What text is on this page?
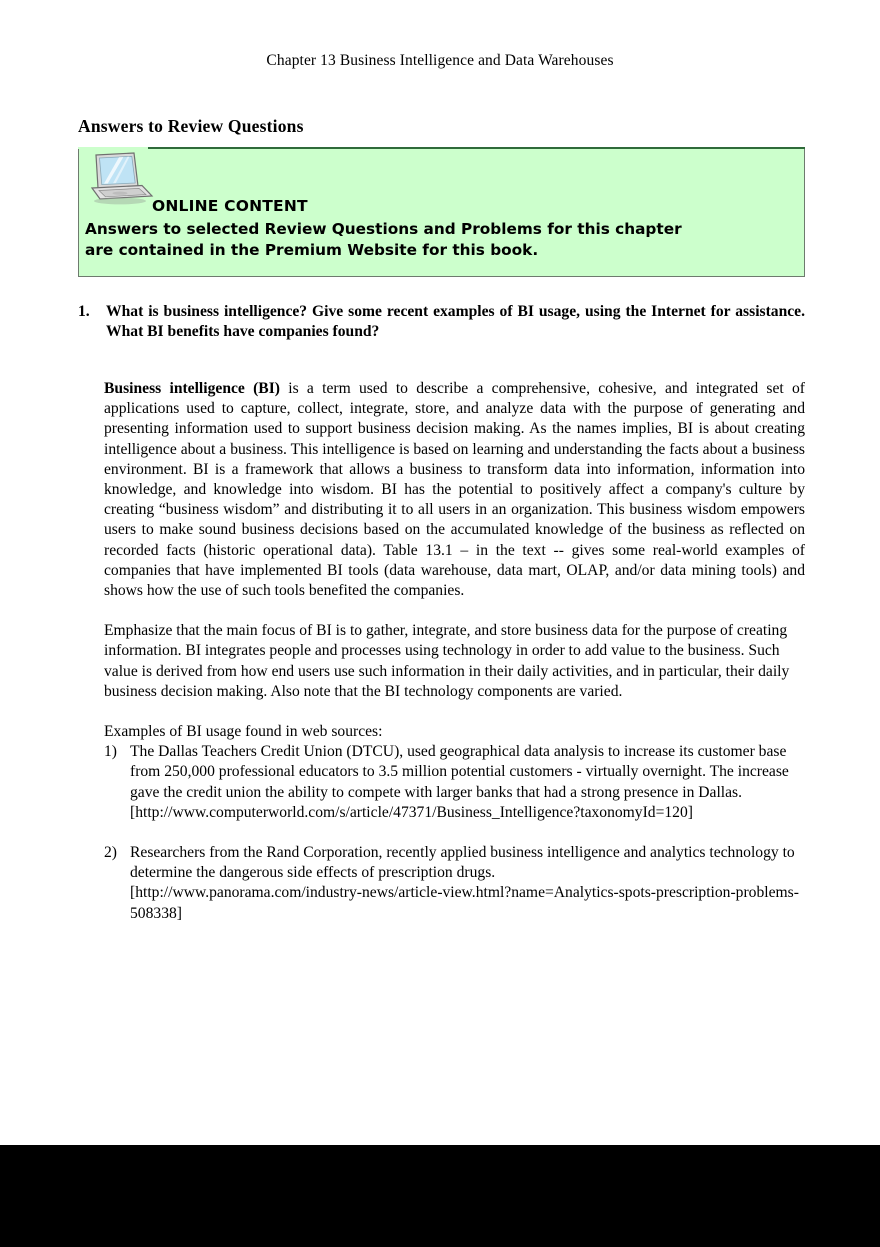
Chapter 13 Business Intelligence and Data Warehouses
Answers to Review Questions
ONLINE CONTENT
Answers to selected Review Questions and Problems for this chapter
are contained in the Premium Website for this book.
1.	What is business intelligence? Give some recent examples of BI usage, using the Internet for assistance. What BI benefits have companies found?

Business intelligence (BI) is a term used to describe a comprehensive, cohesive, and integrated set of applications used to capture, collect, integrate, store, and analyze data with the purpose of generating and presenting information used to support business decision making. As the names implies, BI is about creating intelligence about a business. This intelligence is based on learning and understanding the facts about a business environment. BI is a framework that allows a business to transform data into information, information into knowledge, and knowledge into wisdom. BI has the potential to positively affect a company's culture by creating “business wisdom” and distributing it to all users in an organization. This business wisdom empowers users to make sound business decisions based on the accumulated knowledge of the business as reflected on recorded facts (historic operational data). Table 13.1 – in the text -- gives some real-world examples of companies that have implemented BI tools (data warehouse, data mart, OLAP, and/or data mining tools) and shows how the use of such tools benefited the companies.

Emphasize that the main focus of BI is to gather, integrate, and store business data for the purpose of creating information. BI integrates people and processes using technology in order to add value to the business. Such value is derived from how end users use such information in their daily activities, and in particular, their daily business decision making. Also note that the BI technology components are varied.

Examples of BI usage found in web sources:
1) The Dallas Teachers Credit Union (DTCU), used geographical data analysis to increase its customer base from 250,000 professional educators to 3.5 million potential customers - virtually overnight. The increase gave the credit union the ability to compete with larger banks that had a strong presence in Dallas.
[http://www.computerworld.com/s/article/47371/Business_Intelligence?taxonomyId=120]
2) Researchers from the Rand Corporation, recently applied business intelligence and analytics technology to determine the dangerous side effects of prescription drugs.
[http://www.panorama.com/industry-news/article-view.html?name=Analytics-spots-prescription-problems-508338]
